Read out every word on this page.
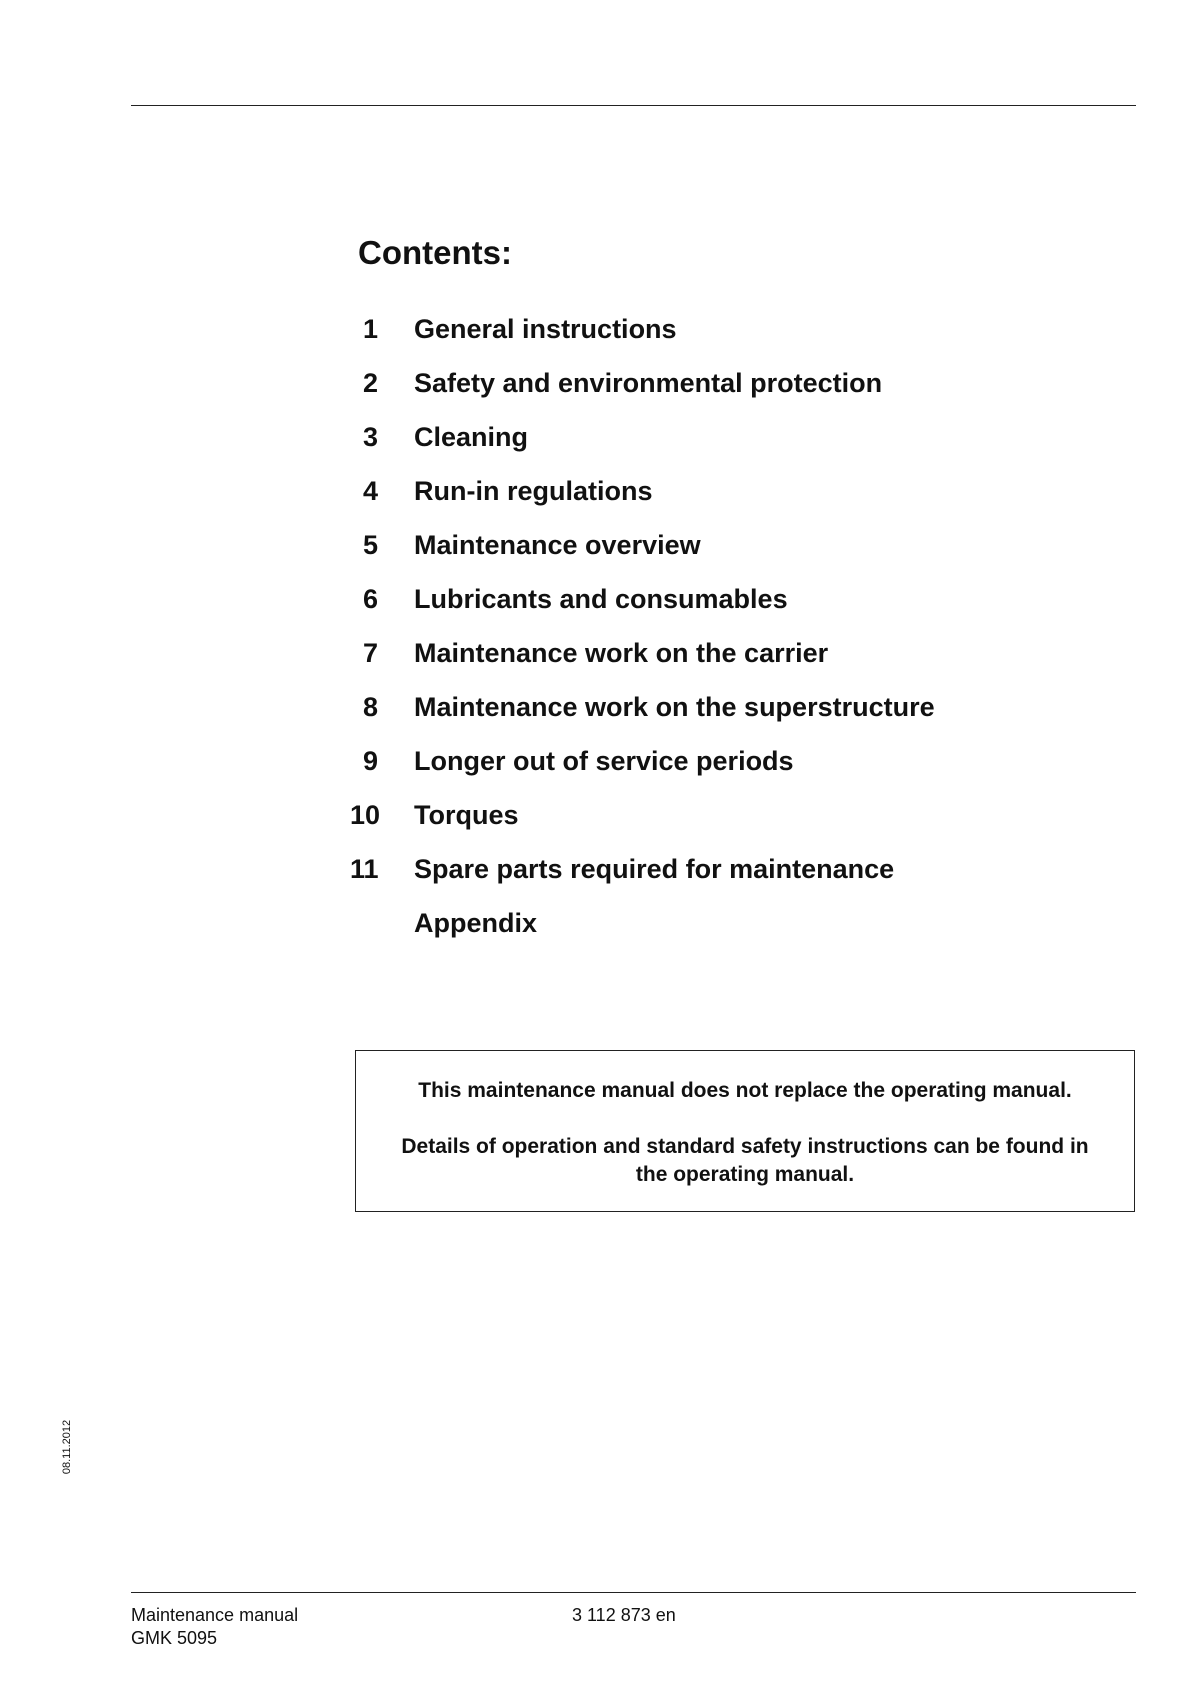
Contents:
1 General instructions
2 Safety and environmental protection
3 Cleaning
4 Run-in regulations
5 Maintenance overview
6 Lubricants and consumables
7 Maintenance work on the carrier
8 Maintenance work on the superstructure
9 Longer out of service periods
10 Torques
11 Spare parts required for maintenance
Appendix

This maintenance manual does not replace the operating manual.

Details of operation and standard safety instructions can be found in the operating manual.

08.11.2012
Maintenance manual
GMK 5095
3 112 873 en
